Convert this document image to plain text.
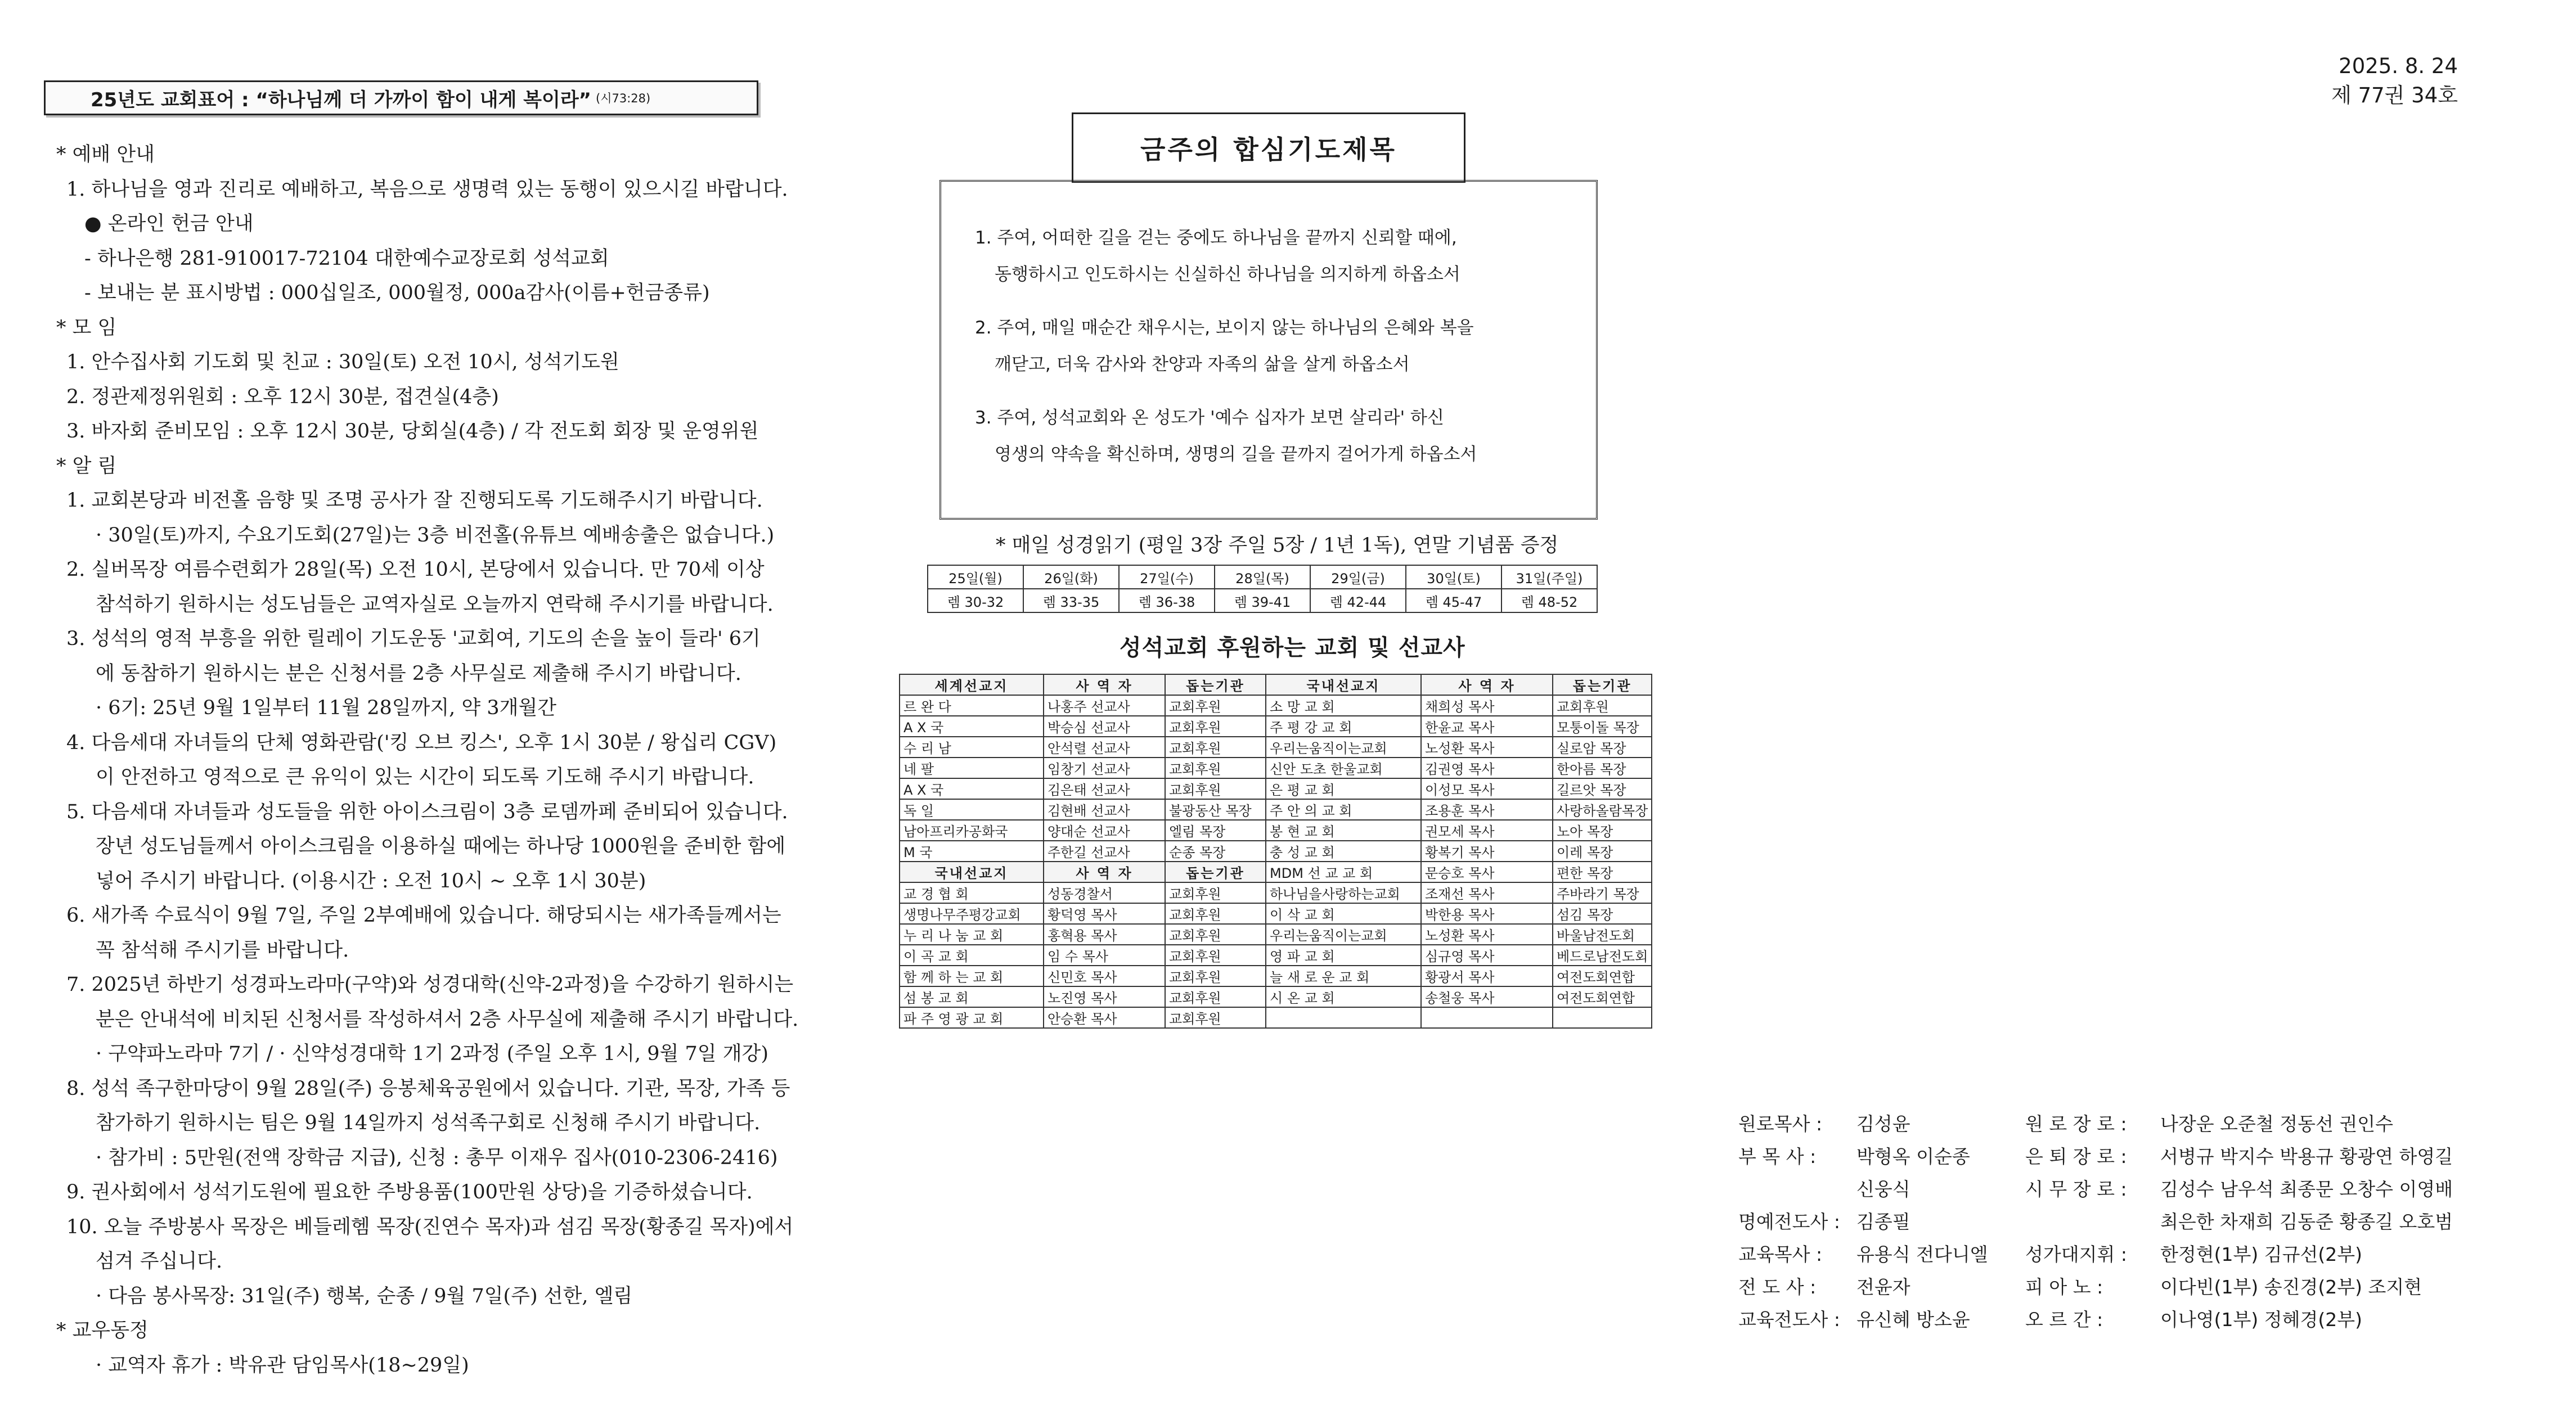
2025. 8. 24
제 77권 34호
25년도 교회표어 : “하나님께 더 가까이 함이 내게 복이라” (시73:28)
* 예배 안내
1. 하나님을 영과 진리로 예배하고, 복음으로 생명력 있는 동행이 있으시길 바랍니다.
● 온라인 헌금 안내
- 하나은행 281-910017-72104 대한예수교장로회 성석교회
- 보내는 분 표시방법 : 000십일조, 000월정, 000a감사(이름+헌금종류)
* 모 임
1. 안수집사회 기도회 및 친교 : 30일(토) 오전 10시, 성석기도원
2. 정관제정위원회 : 오후 12시 30분, 접견실(4층)
3. 바자회 준비모임 : 오후 12시 30분, 당회실(4층) / 각 전도회 회장 및 운영위원
* 알 림
1. 교회본당과 비전홀 음향 및 조명 공사가 잘 진행되도록 기도해주시기 바랍니다.
· 30일(토)까지, 수요기도회(27일)는 3층 비전홀(유튜브 예배송출은 없습니다.)
2. 실버목장 여름수련회가 28일(목) 오전 10시, 본당에서 있습니다. 만 70세 이상
참석하기 원하시는 성도님들은 교역자실로 오늘까지 연락해 주시기를 바랍니다.
3. 성석의 영적 부흥을 위한 릴레이 기도운동 '교회여, 기도의 손을 높이 들라' 6기
에 동참하기 원하시는 분은 신청서를 2층 사무실로 제출해 주시기 바랍니다.
· 6기: 25년 9월 1일부터 11월 28일까지, 약 3개월간
4. 다음세대 자녀들의 단체 영화관람('킹 오브 킹스', 오후 1시 30분 / 왕십리 CGV)
이 안전하고 영적으로 큰 유익이 있는 시간이 되도록 기도해 주시기 바랍니다.
5. 다음세대 자녀들과 성도들을 위한 아이스크림이 3층 로뎀까페 준비되어 있습니다.
장년 성도님들께서 아이스크림을 이용하실 때에는 하나당 1000원을 준비한 함에
넣어 주시기 바랍니다. (이용시간 : 오전 10시 ~ 오후 1시 30분)
6. 새가족 수료식이 9월 7일, 주일 2부예배에 있습니다. 해당되시는 새가족들께서는
꼭 참석해 주시기를 바랍니다.
7. 2025년 하반기 성경파노라마(구약)와 성경대학(신약-2과정)을 수강하기 원하시는
분은 안내석에 비치된 신청서를 작성하셔서 2층 사무실에 제출해 주시기 바랍니다.
· 구약파노라마 7기 / · 신약성경대학 1기 2과정 (주일 오후 1시, 9월 7일 개강)
8. 성석 족구한마당이 9월 28일(주) 응봉체육공원에서 있습니다. 기관, 목장, 가족 등
참가하기 원하시는 팀은 9월 14일까지 성석족구회로 신청해 주시기 바랍니다.
· 참가비 : 5만원(전액 장학금 지급), 신청 : 총무 이재우 집사(010-2306-2416)
9. 권사회에서 성석기도원에 필요한 주방용품(100만원 상당)을 기증하셨습니다.
10. 오늘 주방봉사 목장은 베들레헴 목장(진연수 목자)과 섬김 목장(황종길 목자)에서
섬겨 주십니다.
· 다음 봉사목장: 31일(주) 행복, 순종 / 9월 7일(주) 선한, 엘림
* 교우동정
· 교역자 휴가 : 박유관 담임목사(18~29일)
금주의 합심기도제목
1. 주여, 어떠한 길을 걷는 중에도 하나님을 끝까지 신뢰할 때에,
동행하시고 인도하시는 신실하신 하나님을 의지하게 하옵소서
2. 주여, 매일 매순간 채우시는, 보이지 않는 하나님의 은혜와 복을
깨닫고, 더욱 감사와 찬양과 자족의 삶을 살게 하옵소서
3. 주여, 성석교회와 온 성도가 '예수 십자가 보면 살리라' 하신
영생의 약속을 확신하며, 생명의 길을 끝까지 걸어가게 하옵소서
* 매일 성경읽기 (평일 3장 주일 5장 / 1년 1독), 연말 기념품 증정
25일(월)	26일(화)	27일(수)	28일(목)	29일(금)	30일(토)	31일(주일)
렘 30-32	렘 33-35	렘 36-38	렘 39-41	렘 42-44	렘 45-47	렘 48-52
성석교회 후원하는 교회 및 선교사
세계선교지	사 역 자	돕는기관	국내선교지	사 역 자	돕는기관
르 완 다	나홍주 선교사	교회후원	소 망 교 회	채희성 목사	교회후원
A X 국	박승심 선교사	교회후원	주 평 강 교 회	한윤교 목사	모퉁이돌 목장
수 리 남	안석렬 선교사	교회후원	우리는움직이는교회	노성환 목사	실로암 목장
네 팔	임창기 선교사	교회후원	신안 도초 한울교회	김권영 목사	한아름 목장
A X 국	김은태 선교사	교회후원	은 평 교 회	이성모 목사	길르앗 목장
독 일	김현배 선교사	불광동산 목장	주 안 의 교 회	조용훈 목사	사랑하올람목장
남아프리카공화국	양대순 선교사	엘림 목장	봉 현 교 회	권모세 목사	노아 목장
M 국	주한길 선교사	순종 목장	충 성 교 회	황복기 목사	이레 목장
국내선교지	사 역 자	돕는기관	MDM 선 교 교 회	문승호 목사	편한 목장
교 경 협 회	성동경찰서	교회후원	하나님을사랑하는교회	조재선 목사	주바라기 목장
생명나무주평강교회	황덕영 목사	교회후원	이 삭 교 회	박한용 목사	섬김 목장
누 리 나 눔 교 회	홍혁용 목사	교회후원	우리는움직이는교회	노성환 목사	바울남전도회
이 곡 교 회	임 수 목사	교회후원	영 파 교 회	심규영 목사	베드로남전도회
함 께 하 는 교 회	신민호 목사	교회후원	늘 새 로 운 교 회	황광서 목사	여전도회연합
섬 봉 교 회	노진영 목사	교회후원	시 온 교 회	송철웅 목사	여전도회연합
파 주 영 광 교 회	안승환 목사	교회후원			
원로목사 :	김성윤
부 목 사 :	박형옥 이순종
신웅식
명예전도사 : 김종필
교육목사 :	유용식 전다니엘
전 도 사 :	전윤자
교육전도사 : 유신혜 방소윤
원 로 장 로 :	나장운 오준철 정동선 권인수
은 퇴 장 로 :	서병규 박지수 박용규 황광연 하영길
시 무 장 로 :	김성수 남우석 최종문 오창수 이영배
최은한 차재희 김동준 황종길 오호범
성가대지휘 :	한정현(1부) 김규선(2부)
피 아 노 :	이다빈(1부) 송진경(2부) 조지현
오 르 간 :	이나영(1부) 정혜경(2부)
